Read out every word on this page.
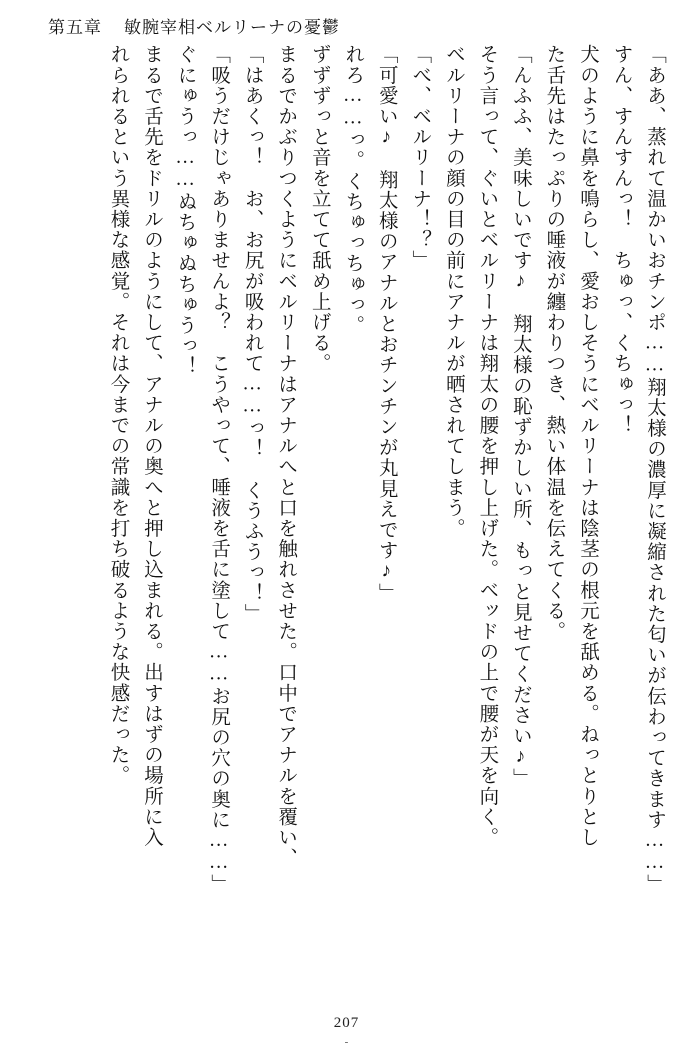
第五章 敏腕宰相ベルリーナの憂鬱

「ああ、蒸れて温かいおチンポ……翔太様の濃厚に凝縮された匂いが伝わってきます……」

すん、すんすんっ！　ちゅっ、くちゅっ！

犬のように鼻を鳴らし、愛おしそうにベルリーナは陰茎の根元を舐める。ねっとりとし

た舌先はたっぷりの唾液が纏わりつき、熱い体温を伝えてくる。

「んふふ、美味しいです♪　翔太様の恥ずかしい所、もっと見せてください♪」

そう言って、ぐいとベルリーナは翔太の腰を押し上げた。ベッドの上で腰が天を向く。

ベルリーナの顔の目の前にアナルが晒されてしまう。

「べ、ベルリーナ！？」

「可愛い♪　翔太様のアナルとおチンチンが丸見えです♪」

れろ……っ。くちゅっちゅっ。

ずずずっと音を立てて舐め上げる。

まるでかぶりつくようにベルリーナはアナルへと口を触れさせた。口中でアナルを覆い、

「はあくっ！　お、お尻が吸われて……っ！　くうふうっ！」

「吸うだけじゃありませんよ？　こうやって、唾液を舌に塗して……お尻の穴の奥に……」

ぐにゅうっ……ぬちゅぬちゅうっ！

まるで舌先をドリルのようにして、アナルの奥へと押し込まれる。出すはずの場所に入

れられるという異様な感覚。それは今までの常識を打ち破るような快感だった。

207
-
